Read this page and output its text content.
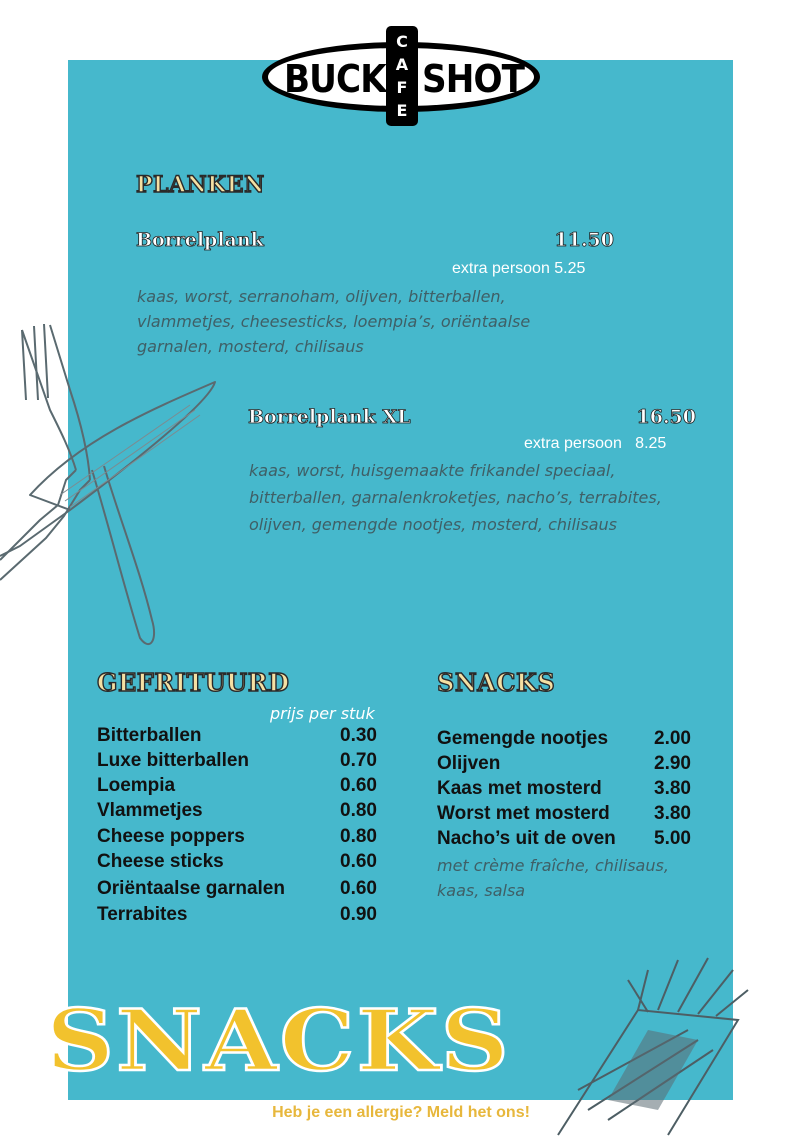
BUCK SHOT
C
A
F
E
PLANKEN
Borrelplank	11.50
extra persoon 5.25
kaas, worst, serranoham, olijven, bitterballen,
vlammetjes, cheesesticks, loempia’s, oriëntaalse
garnalen, mosterd, chilisaus
Borrelplank XL	16.50
extra persoon   8.25
kaas, worst, huisgemaakte frikandel speciaal,
bitterballen, garnalenkroketjes, nacho’s, terrabites,
olijven, gemengde nootjes, mosterd, chilisaus
GEFRITUURD
prijs per stuk
Bitterballen	0.30
Luxe bitterballen	0.70
Loempia	0.60
Vlammetjes	0.80
Cheese poppers	0.80
Cheese sticks	0.60
Oriëntaalse garnalen	0.60
Terrabites	0.90
SNACKS
Gemengde nootjes 2.00
Olijven	2.90
Kaas met mosterd	3.80
Worst met mosterd 3.80
Nacho’s uit de oven 5.00
met crème fraîche, chilisaus,
kaas, salsa
SNACKS
Heb je een allergie? Meld het ons!
